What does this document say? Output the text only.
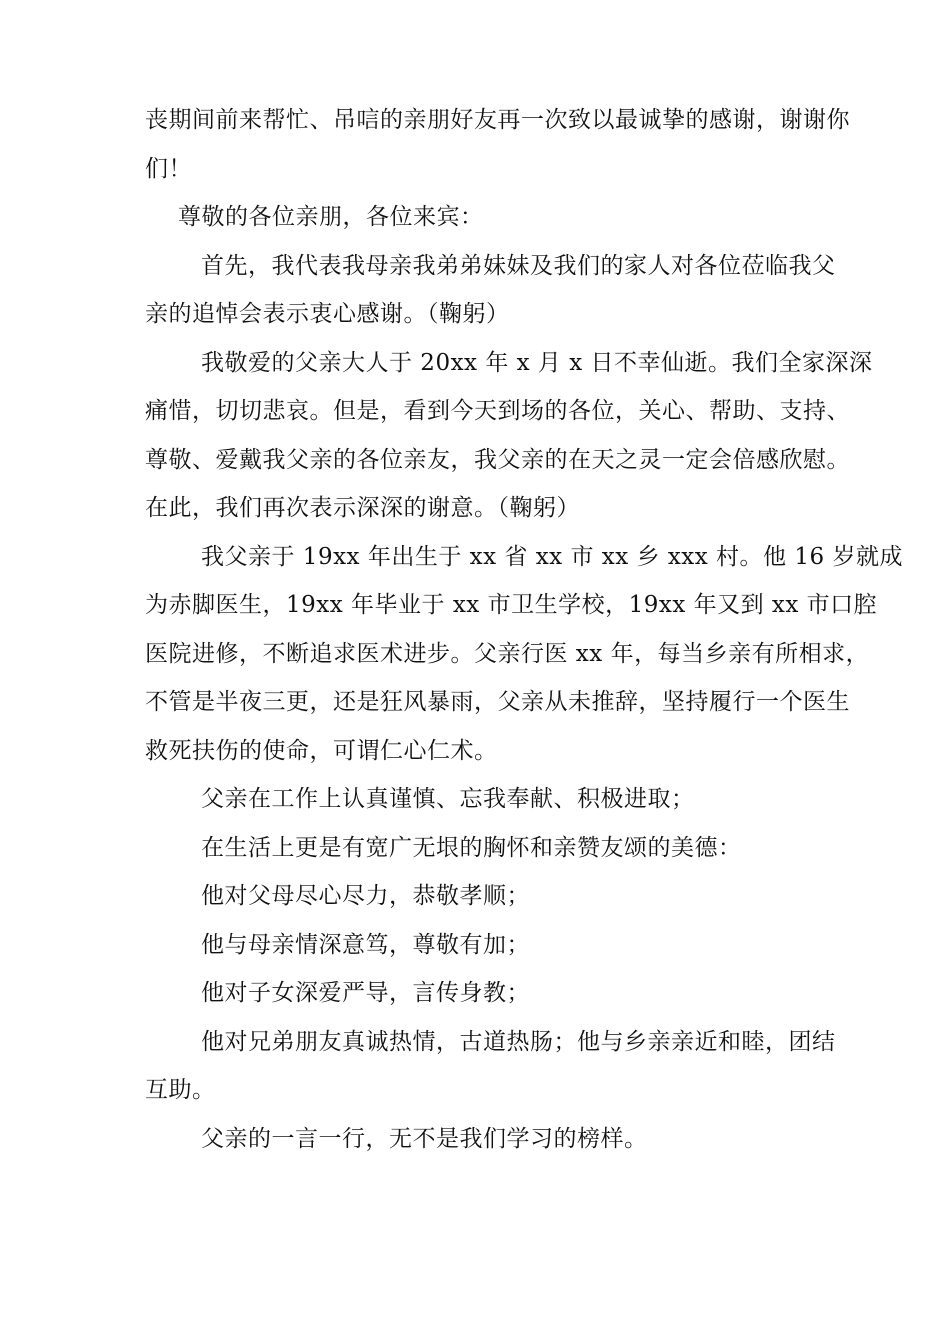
丧期间前来帮忙、吊唁的亲朋好友再一次致以最诚挚的感谢，谢谢你
们！
尊敬的各位亲朋，各位来宾：
首先，我代表我母亲我弟弟妹妹及我们的家人对各位莅临我父
亲的追悼会表示衷心感谢。（鞠躬）
我敬爱的父亲大人于 20xx 年 x 月 x 日不幸仙逝。我们全家深深
痛惜，切切悲哀。但是，看到今天到场的各位，关心、帮助、支持、
尊敬、爱戴我父亲的各位亲友，我父亲的在天之灵一定会倍感欣慰。
在此，我们再次表示深深的谢意。（鞠躬）
我父亲于 19xx 年出生于 xx 省 xx 市 xx 乡 xxx 村。他 16 岁就成
为赤脚医生，19xx 年毕业于 xx 市卫生学校，19xx 年又到 xx 市口腔
医院进修，不断追求医术进步。父亲行医 xx 年，每当乡亲有所相求，
不管是半夜三更，还是狂风暴雨，父亲从未推辞，坚持履行一个医生
救死扶伤的使命，可谓仁心仁术。
父亲在工作上认真谨慎、忘我奉献、积极进取；
在生活上更是有宽广无垠的胸怀和亲赞友颂的美德：
他对父母尽心尽力，恭敬孝顺；
他与母亲情深意笃，尊敬有加；
他对子女深爱严导，言传身教；
他对兄弟朋友真诚热情，古道热肠；他与乡亲亲近和睦，团结
互助。
父亲的一言一行，无不是我们学习的榜样。
